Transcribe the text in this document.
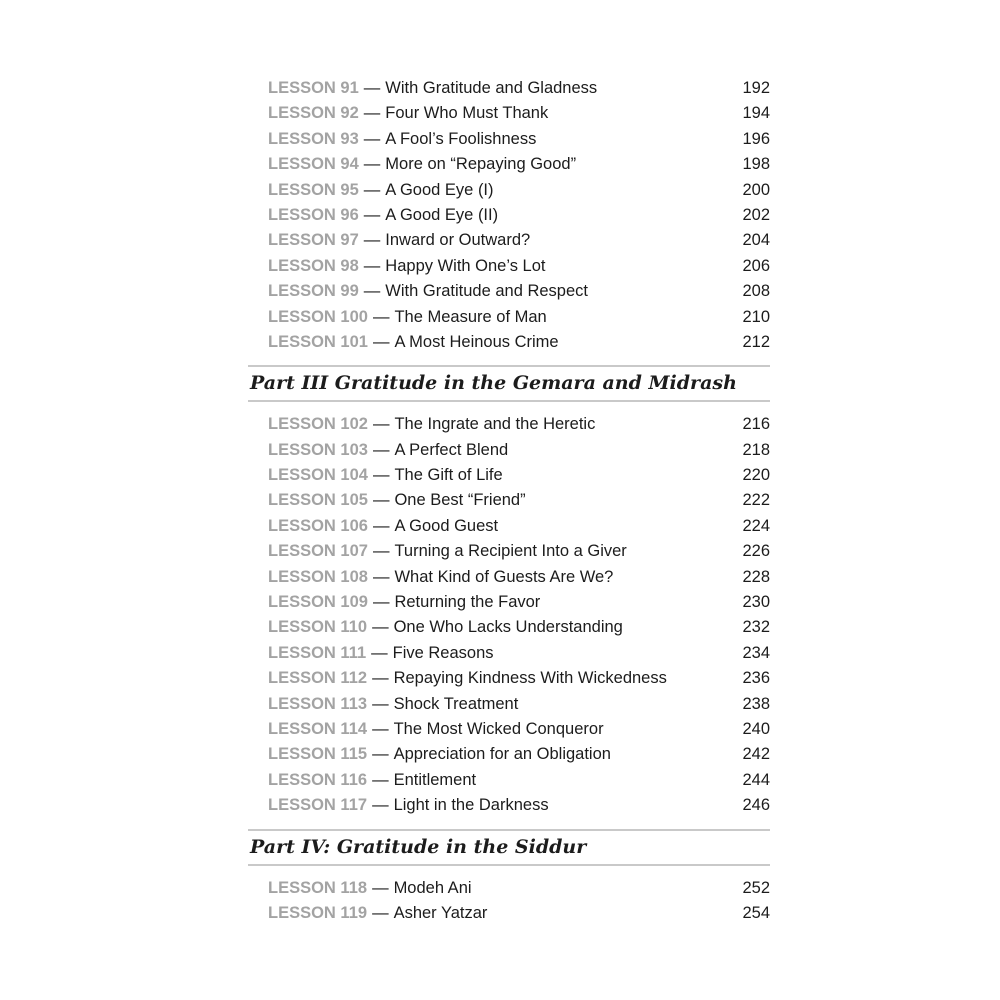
LESSON 91 — With Gratitude and Gladness	192
LESSON 92 — Four Who Must Thank	194
LESSON 93 — A Fool’s Foolishness	196
LESSON 94 — More on “Repaying Good”	198
LESSON 95 — A Good Eye (I)	200
LESSON 96 — A Good Eye (II)	202
LESSON 97 — Inward or Outward?	204
LESSON 98 — Happy With One’s Lot	206
LESSON 99 — With Gratitude and Respect	208
LESSON 100 — The Measure of Man	210
LESSON 101 — A Most Heinous Crime	212
Part III Gratitude in the Gemara and Midrash
LESSON 102 — The Ingrate and the Heretic	216
LESSON 103 — A Perfect Blend	218
LESSON 104 — The Gift of Life	220
LESSON 105 — One Best “Friend”	222
LESSON 106 — A Good Guest	224
LESSON 107 — Turning a Recipient Into a Giver	226
LESSON 108 — What Kind of Guests Are We?	228
LESSON 109 — Returning the Favor	230
LESSON 110 — One Who Lacks Understanding	232
LESSON 111 — Five Reasons	234
LESSON 112 — Repaying Kindness With Wickedness	236
LESSON 113 — Shock Treatment	238
LESSON 114 — The Most Wicked Conqueror	240
LESSON 115 — Appreciation for an Obligation	242
LESSON 116 — Entitlement	244
LESSON 117 — Light in the Darkness	246
Part IV: Gratitude in the Siddur
LESSON 118 — Modeh Ani	252
LESSON 119 — Asher Yatzar	254
